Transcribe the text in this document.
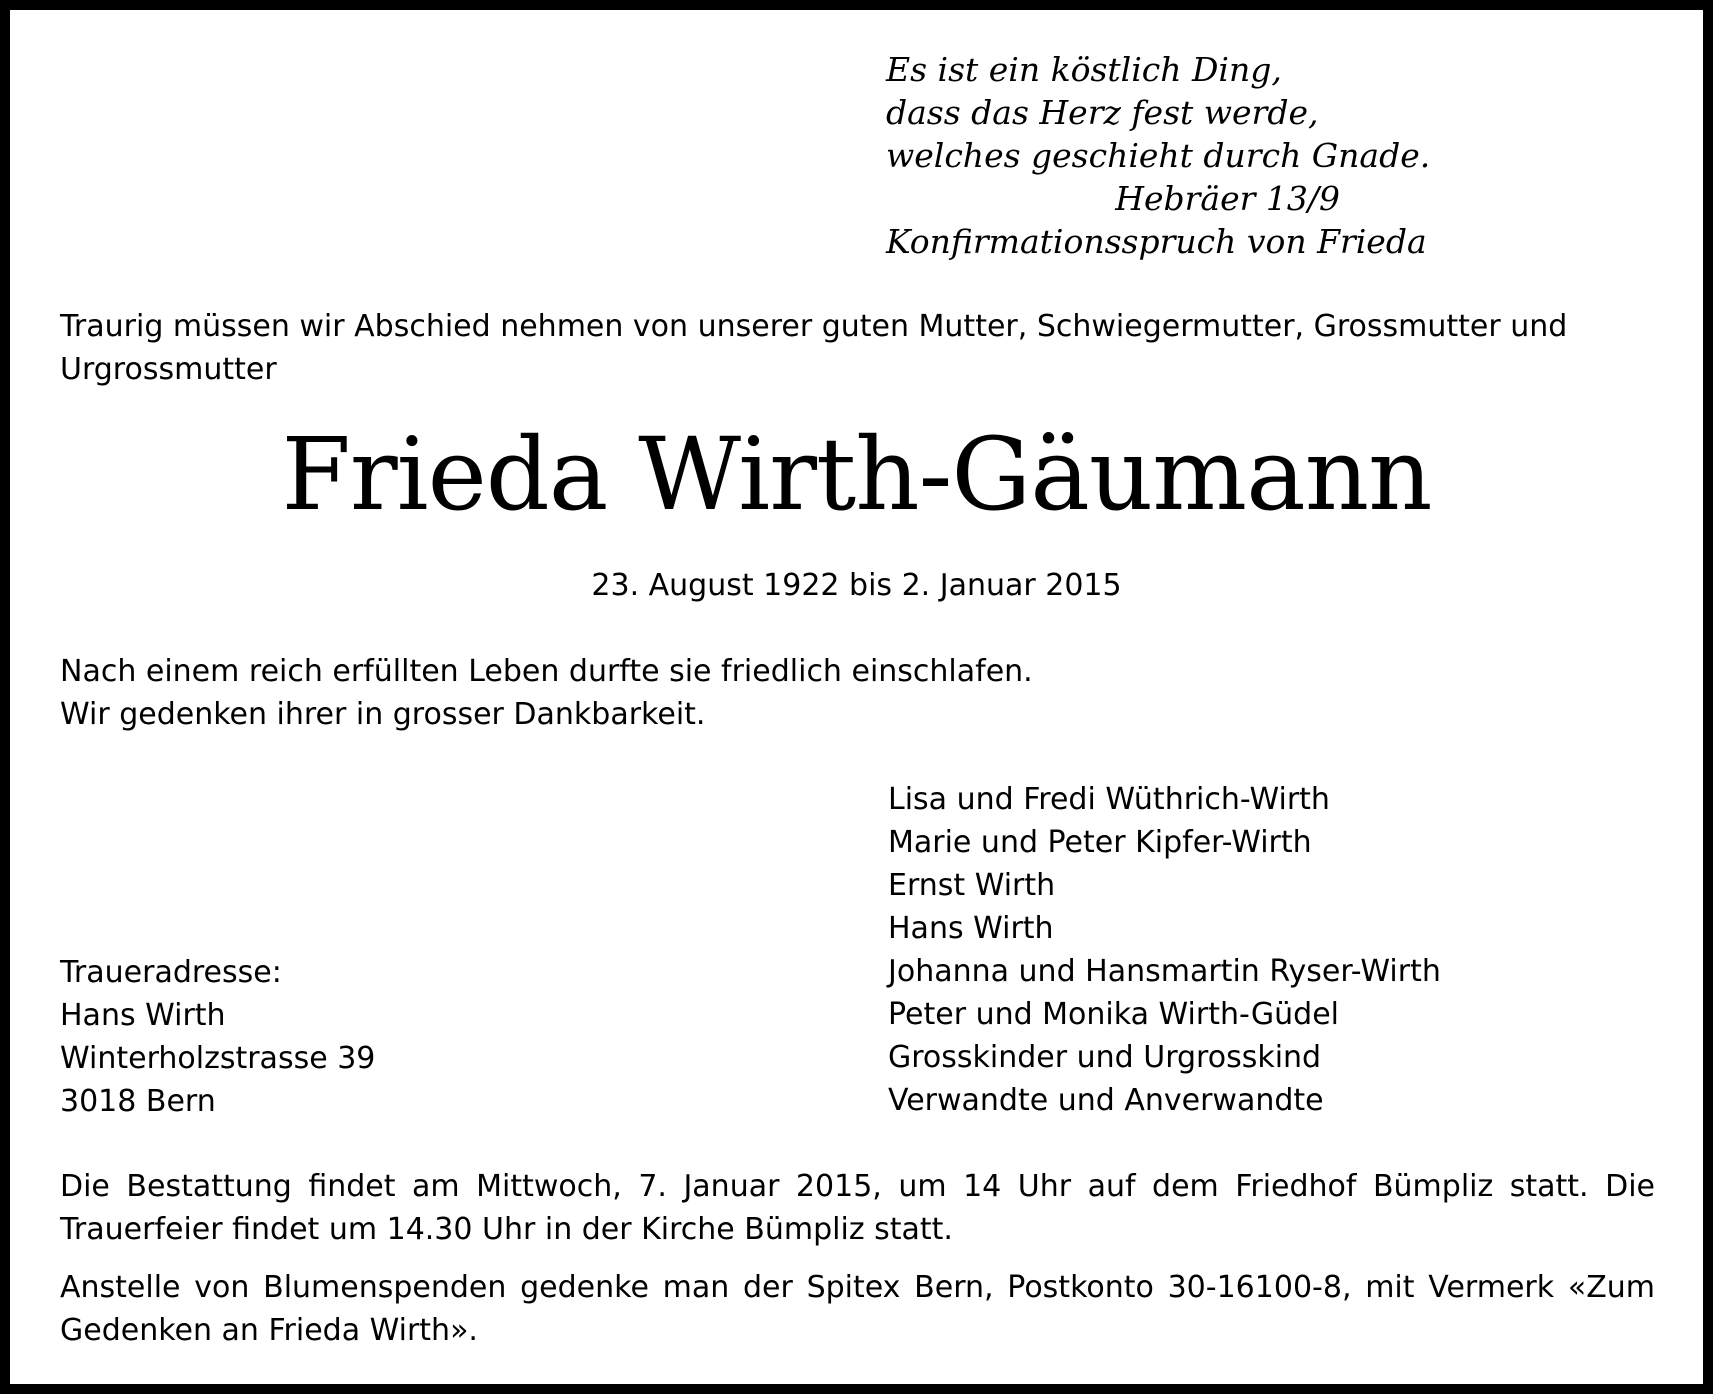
Es ist ein köstlich Ding,
dass das Herz fest werde,
welches geschieht durch Gnade.
Hebräer 13/9
Konfirmationsspruch von Frieda
Traurig müssen wir Abschied nehmen von unserer guten Mutter, Schwiegermutter, Grossmutter und Urgrossmutter
Frieda Wirth-Gäumann
23. August 1922 bis 2. Januar 2015
Nach einem reich erfüllten Leben durfte sie friedlich einschlafen.
Wir gedenken ihrer in grosser Dankbarkeit.
Traueradresse:
Hans Wirth
Winterholzstrasse 39
3018 Bern
Lisa und Fredi Wüthrich-Wirth
Marie und Peter Kipfer-Wirth
Ernst Wirth
Hans Wirth
Johanna und Hansmartin Ryser-Wirth
Peter und Monika Wirth-Güdel
Grosskinder und Urgrosskind
Verwandte und Anverwandte
Die Bestattung findet am Mittwoch, 7. Januar 2015, um 14 Uhr auf dem Friedhof Bümpliz statt. Die Trauerfeier findet um 14.30 Uhr in der Kirche Bümpliz statt.
Anstelle von Blumenspenden gedenke man der Spitex Bern, Postkonto 30-16100-8, mit Vermerk «Zum Gedenken an Frieda Wirth».
